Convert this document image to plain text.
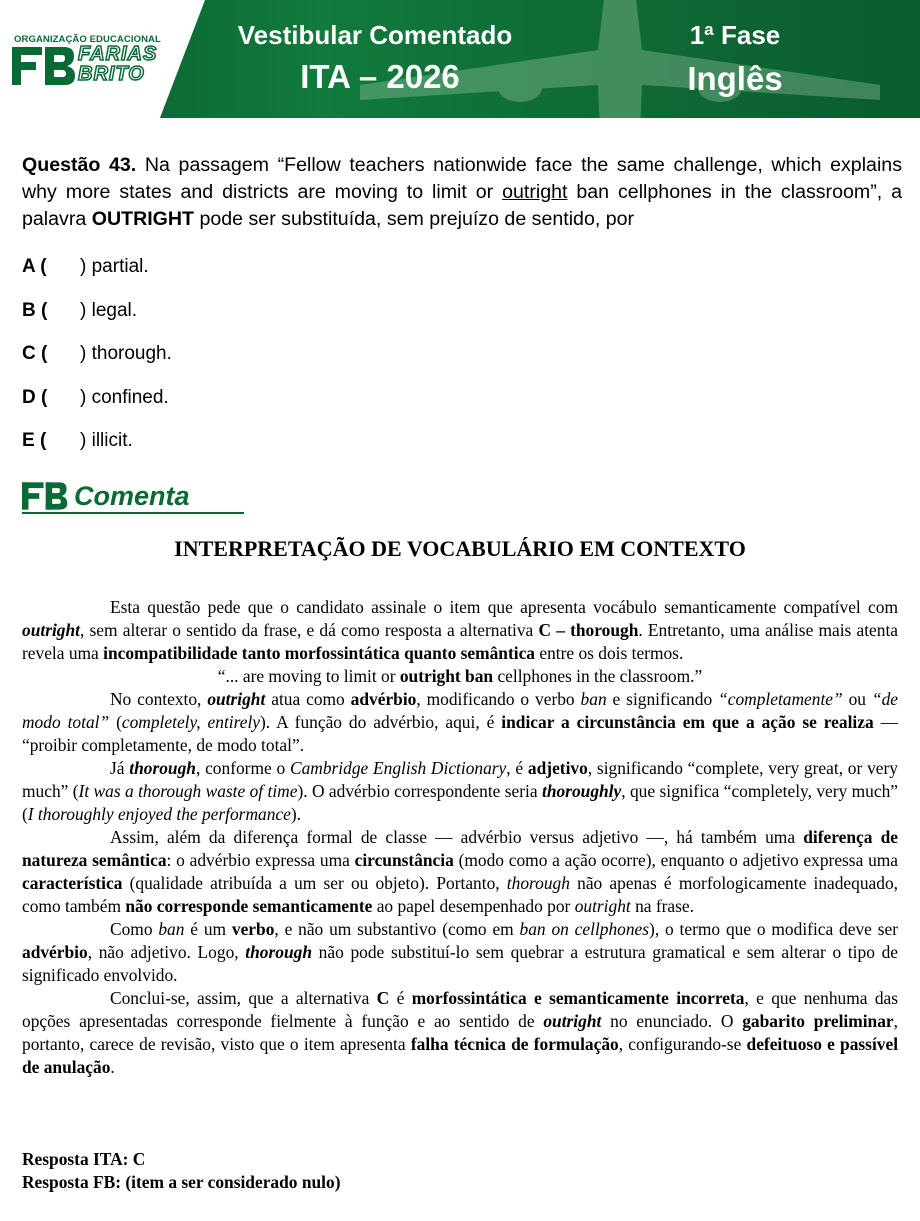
ORGANIZAÇÃO EDUCACIONAL
FARIAS
BRITO
Vestibular Comentado
ITA – 2026
1ª Fase
Inglês
Questão 43. Na passagem “Fellow teachers nationwide face the same challenge, which explains why more states and districts are moving to limit or outright ban cellphones in the classroom”, a palavra OUTRIGHT pode ser substituída, sem prejuízo de sentido, por
A ( ) partial.
B ( ) legal.
C ( ) thorough.
D ( ) confined.
E ( ) illicit.
Comenta
INTERPRETAÇÃO DE VOCABULÁRIO EM CONTEXTO

Esta questão pede que o candidato assinale o item que apresenta vocábulo semanticamente compatível com outright, sem alterar o sentido da frase, e dá como resposta a alternativa C – thorough. Entretanto, uma análise mais atenta revela uma incompatibilidade tanto morfossintática quanto semântica entre os dois termos.

“... are moving to limit or outright ban cellphones in the classroom.”

No contexto, outright atua como advérbio, modificando o verbo ban e significando “completamente” ou “de modo total” (completely, entirely). A função do advérbio, aqui, é indicar a circunstância em que a ação se realiza — “proibir completamente, de modo total”.

Já thorough, conforme o Cambridge English Dictionary, é adjetivo, significando “complete, very great, or very much” (It was a thorough waste of time). O advérbio correspondente seria thoroughly, que significa “completely, very much” (I thoroughly enjoyed the performance).

Assim, além da diferença formal de classe — advérbio versus adjetivo —, há também uma diferença de natureza semântica: o advérbio expressa uma circunstância (modo como a ação ocorre), enquanto o adjetivo expressa uma característica (qualidade atribuída a um ser ou objeto). Portanto, thorough não apenas é morfologicamente inadequado, como também não corresponde semanticamente ao papel desempenhado por outright na frase.

Como ban é um verbo, e não um substantivo (como em ban on cellphones), o termo que o modifica deve ser advérbio, não adjetivo. Logo, thorough não pode substituí-lo sem quebrar a estrutura gramatical e sem alterar o tipo de significado envolvido.

Conclui-se, assim, que a alternativa C é morfossintática e semanticamente incorreta, e que nenhuma das opções apresentadas corresponde fielmente à função e ao sentido de outright no enunciado. O gabarito preliminar, portanto, carece de revisão, visto que o item apresenta falha técnica de formulação, configurando-se defeituoso e passível de anulação.

Resposta ITA: C
Resposta FB: (item a ser considerado nulo)
